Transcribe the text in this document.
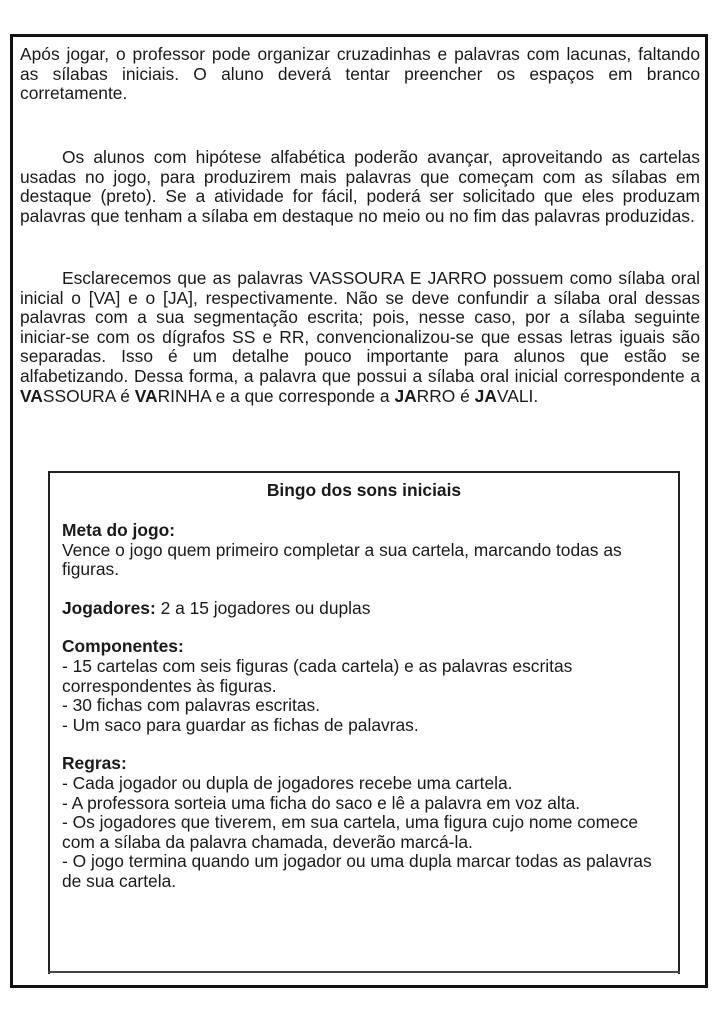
Após jogar, o professor pode organizar cruzadinhas e palavras com lacunas, faltando as sílabas iniciais. O aluno deverá tentar preencher os espaços em branco corretamente.

Os alunos com hipótese alfabética poderão avançar, aproveitando as cartelas usadas no jogo, para produzirem mais palavras que começam com as sílabas em destaque (preto). Se a atividade for fácil, poderá ser solicitado que eles produzam palavras que tenham a sílaba em destaque no meio ou no fim das palavras produzidas.

Esclarecemos que as palavras VASSOURA E JARRO possuem como sílaba oral inicial o [VA] e o [JA], respectivamente. Não se deve confundir a sílaba oral dessas palavras com a sua segmentação escrita; pois, nesse caso, por a sílaba seguinte iniciar-se com os dígrafos SS e RR, convencionalizou-se que essas letras iguais são separadas. Isso é um detalhe pouco importante para alunos que estão se alfabetizando. Dessa forma, a palavra que possui a sílaba oral inicial correspondente a VASSOURA é VARINHA e a que corresponde a JARRO é JAVALI.

Bingo dos sons iniciais
Meta do jogo:
Vence o jogo quem primeiro completar a sua cartela, marcando todas as figuras.
Jogadores: 2 a 15 jogadores ou duplas
Componentes:
- 15 cartelas com seis figuras (cada cartela) e as palavras escritas correspondentes às figuras.
- 30 fichas com palavras escritas.
- Um saco para guardar as fichas de palavras.
Regras:
- Cada jogador ou dupla de jogadores recebe uma cartela.
- A professora sorteia uma ficha do saco e lê a palavra em voz alta.
- Os jogadores que tiverem, em sua cartela, uma figura cujo nome comece com a sílaba da palavra chamada, deverão marcá-la.
- O jogo termina quando um jogador ou uma dupla marcar todas as palavras de sua cartela.
